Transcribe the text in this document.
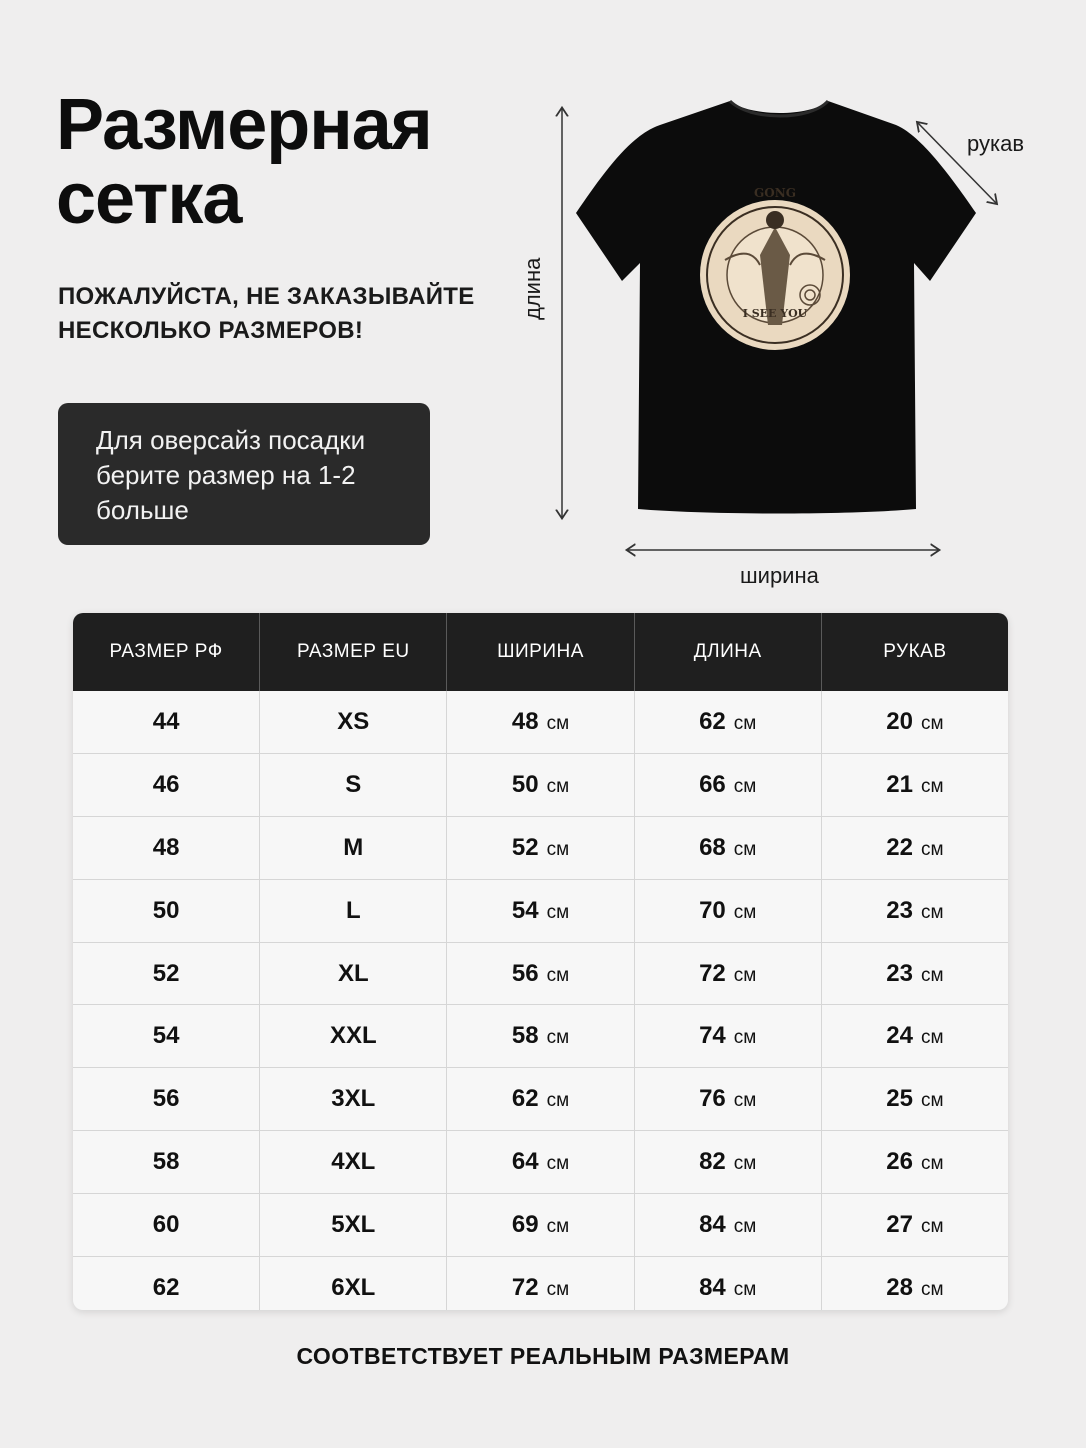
Размерная
сетка
ПОЖАЛУЙСТА, НЕ ЗАКАЗЫВАЙТЕ
НЕСКОЛЬКО РАЗМЕРОВ!
Для оверсайз посадки
берите размер на 1-2
больше
GONG
I SEE YOU
рукав
длина
ширина
РАЗМЕР РФ	РАЗМЕР EU	ШИРИНА	ДЛИНА	РУКАВ
44	XS	48 см	62 см	20 см
46	S	50 см	66 см	21 см
48	M	52 см	68 см	22 см
50	L	54 см	70 см	23 см
52	XL	56 см	72 см	23 см
54	XXL	58 см	74 см	24 см
56	3XL	62 см	76 см	25 см
58	4XL	64 см	82 см	26 см
60	5XL	69 см	84 см	27 см
62	6XL	72 см	84 см	28 см
СООТВЕТСТВУЕТ РЕАЛЬНЫМ РАЗМЕРАМ
